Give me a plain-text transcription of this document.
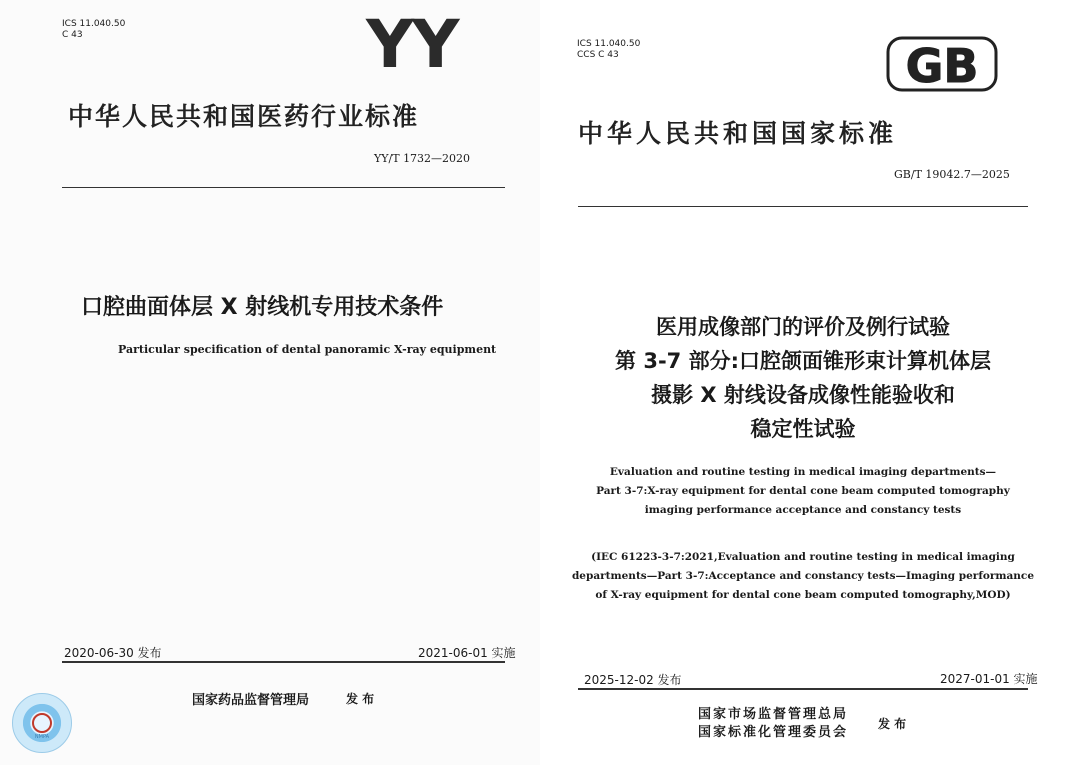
ICS 11.040.50
C 43	YY
中华人民共和国医药行业标准
YY/T 1732—2020
口腔曲面体层 X 射线机专用技术条件
Particular specification of dental panoramic X-ray equipment
2020-06-30 发布	2021-06-01 实施
NMPA
国家药品监督管理局	发 布
ICS 11.040.50
CCS C 43	GB
中华人民共和国国家标准
GB/T 19042.7—2025
医用成像部门的评价及例行试验
第 3-7 部分:口腔颌面锥形束计算机体层
摄影 X 射线设备成像性能验收和
稳定性试验
Evaluation and routine testing in medical imaging departments—
Part 3-7:X-ray equipment for dental cone beam computed tomography
imaging performance acceptance and constancy tests
(IEC 61223-3-7:2021,Evaluation and routine testing in medical imaging
departments—Part 3-7:Acceptance and constancy tests—Imaging performance
of X-ray equipment for dental cone beam computed tomography,MOD)
2025-12-02 发布	2027-01-01 实施
国家市场监督管理总局
国家标准化管理委员会
发 布
